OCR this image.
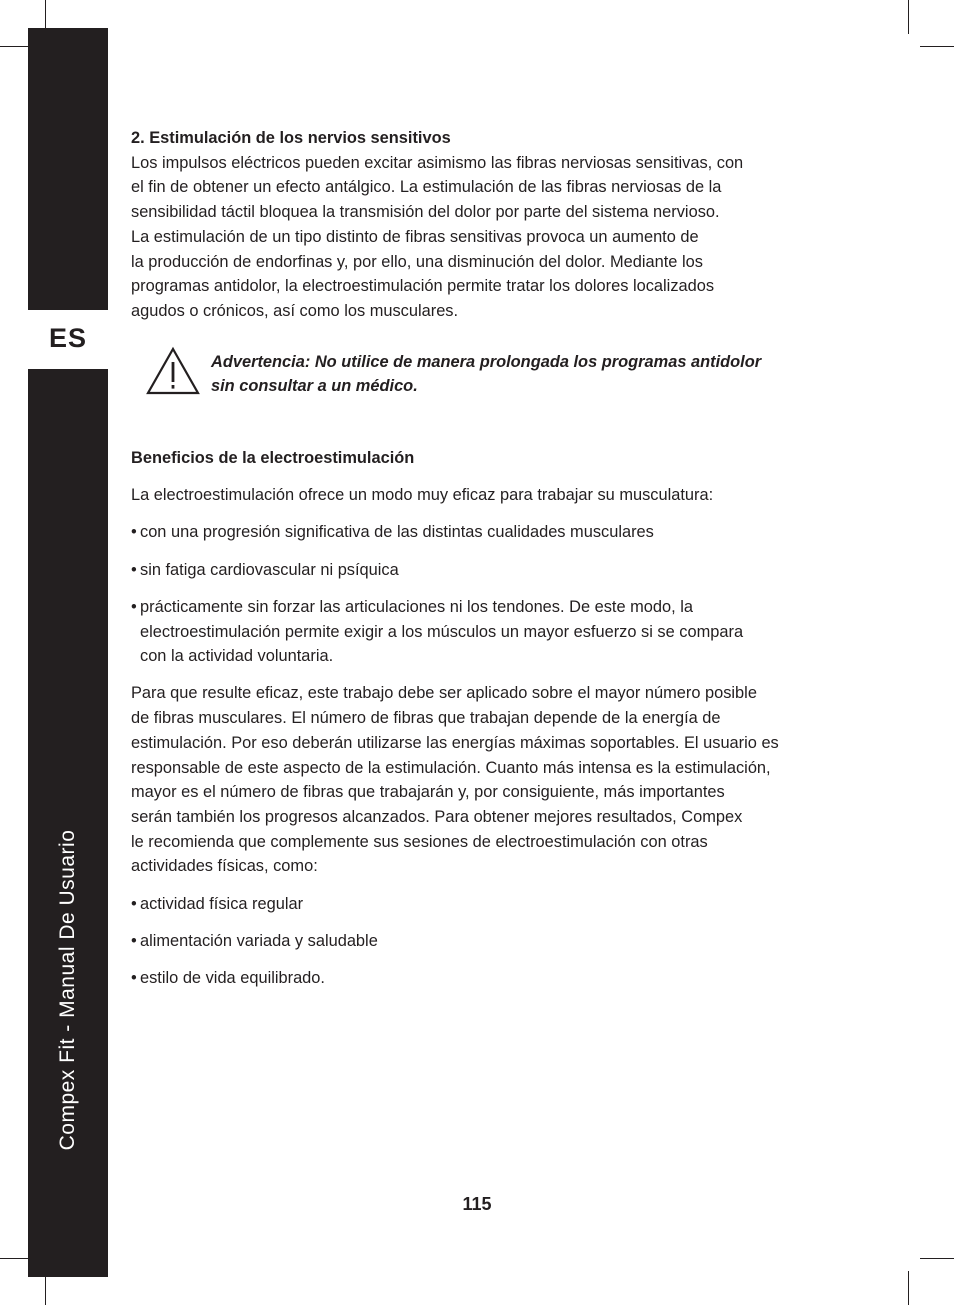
ES
Compex Fit - Manual De Usuario

2. Estimulación de los nervios sensitivos

Los impulsos eléctricos pueden excitar asimismo las fibras nerviosas sensitivas, con

el fin de obtener un efecto antálgico. La estimulación de las fibras nerviosas de la

sensibilidad táctil bloquea la transmisión del dolor por parte del sistema nervioso.

La estimulación de un tipo distinto de fibras sensitivas provoca un aumento de

la producción de endorfinas y, por ello, una disminución del dolor. Mediante los

programas antidolor, la electroestimulación permite tratar los dolores localizados

agudos o crónicos, así como los musculares.

Advertencia: No utilice de manera prolongada los programas antidolor

sin consultar a un médico.

Beneficios de la electroestimulación

La electroestimulación ofrece un modo muy eficaz para trabajar su musculatura:

• con una progresión significativa de las distintas cualidades musculares

• sin fatiga cardiovascular ni psíquica

• prácticamente sin forzar las articulaciones ni los tendones. De este modo, la

electroestimulación permite exigir a los músculos un mayor esfuerzo si se compara

con la actividad voluntaria.

Para que resulte eficaz, este trabajo debe ser aplicado sobre el mayor número posible

de fibras musculares. El número de fibras que trabajan depende de la energía de

estimulación. Por eso deberán utilizarse las energías máximas soportables. El usuario es

responsable de este aspecto de la estimulación. Cuanto más intensa es la estimulación,

mayor es el número de fibras que trabajarán y, por consiguiente, más importantes

serán también los progresos alcanzados. Para obtener mejores resultados, Compex

le recomienda que complemente sus sesiones de electroestimulación con otras

actividades físicas, como:

• actividad física regular

• alimentación variada y saludable

• estilo de vida equilibrado.

115
